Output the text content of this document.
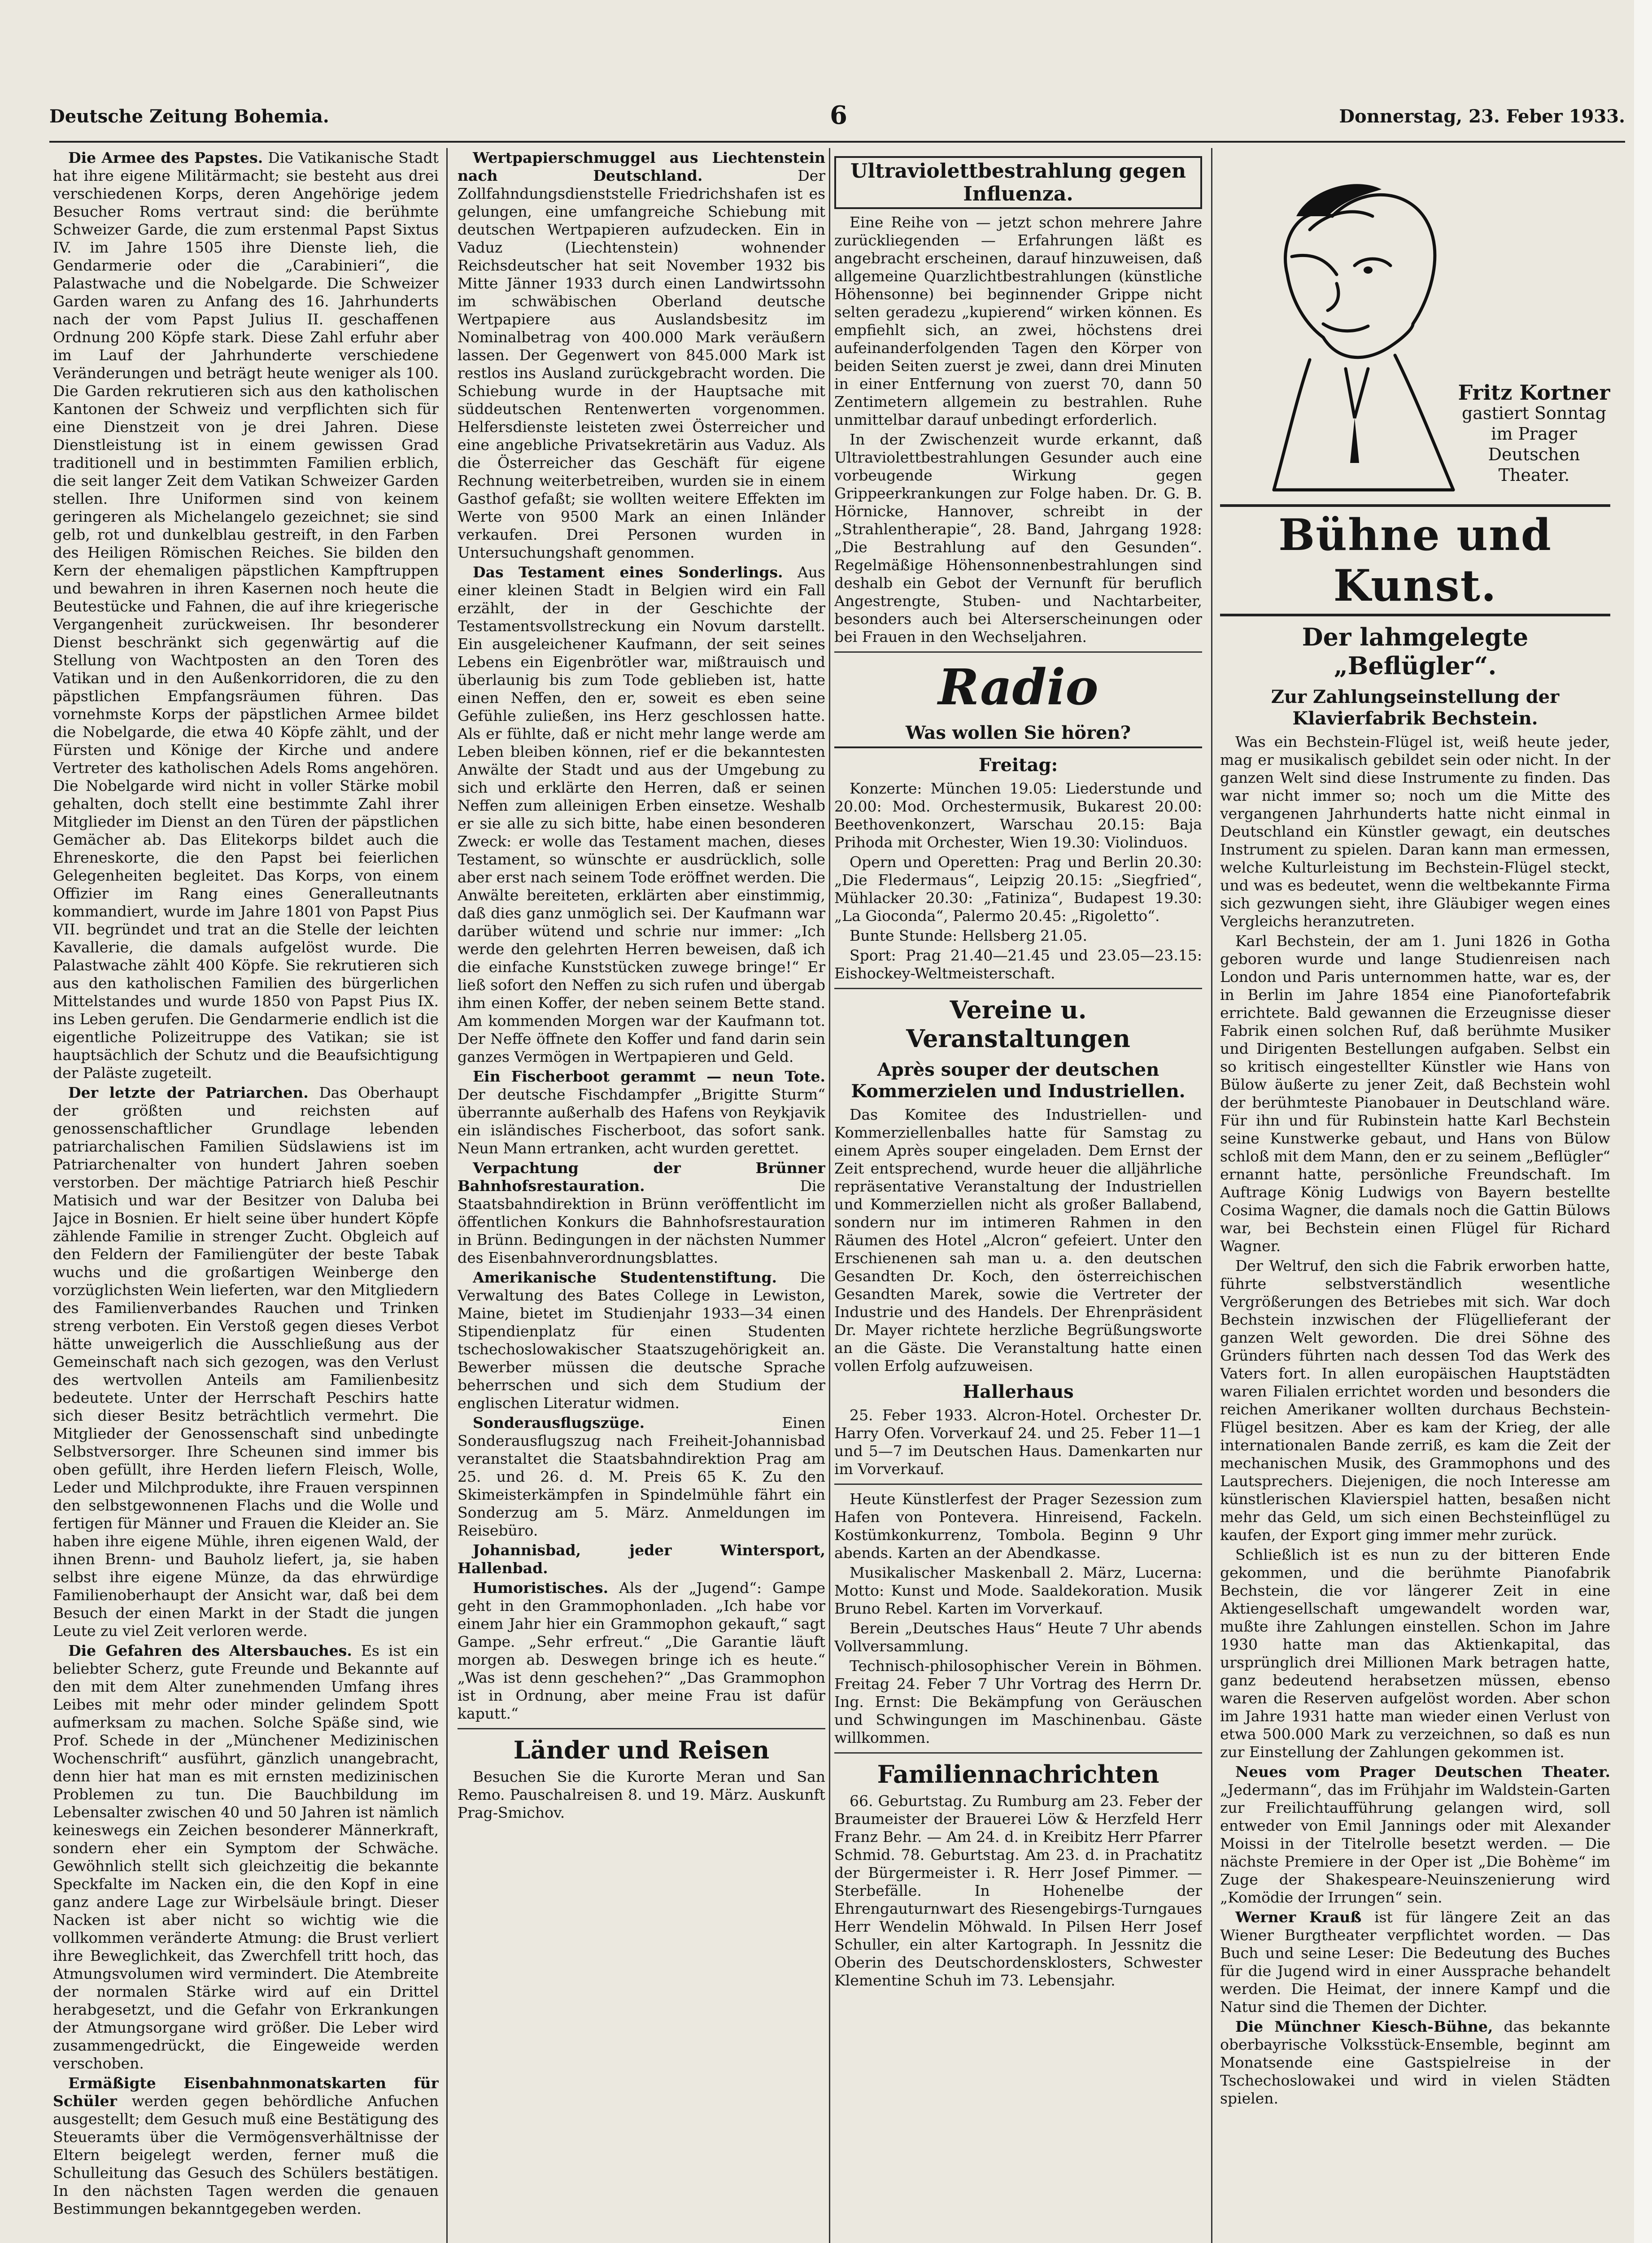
Deutsche Zeitung Bohemia.	6	Donnerstag, 23. Feber 1933.

Die Armee des Papstes. Die Vatikanische Stadt hat ihre eigene Militärmacht; sie besteht aus drei verschiedenen Korps, deren Angehörige jedem Besucher Roms vertraut sind: die berühmte Schweizer Garde, die zum erstenmal Papst Sixtus IV. im Jahre 1505 ihre Dienste lieh, die Gendarmerie oder die „Carabinieri“, die Palastwache und die Nobelgarde. Die Schweizer Garden waren zu Anfang des 16. Jahrhunderts nach der vom Papst Julius II. geschaffenen Ordnung 200 Köpfe stark. Diese Zahl erfuhr aber im Lauf der Jahrhunderte verschiedene Veränderungen und beträgt heute weniger als 100. Die Garden rekrutieren sich aus den katholischen Kantonen der Schweiz und verpflichten sich für eine Dienstzeit von je drei Jahren. Diese Dienstleistung ist in einem gewissen Grad traditionell und in bestimmten Familien erblich, die seit langer Zeit dem Vatikan Schweizer Garden stellen. Ihre Uniformen sind von keinem geringeren als Michelangelo gezeichnet; sie sind gelb, rot und dunkelblau gestreift, in den Farben des Heiligen Römischen Reiches. Sie bilden den Kern der ehemaligen päpstlichen Kampftruppen und bewahren in ihren Kasernen noch heute die Beutestücke und Fahnen, die auf ihre kriegerische Vergangenheit zurückweisen. Ihr besonderer Dienst beschränkt sich gegenwärtig auf die Stellung von Wachtposten an den Toren des Vatikan und in den Außenkorridoren, die zu den päpstlichen Empfangsräumen führen. Das vornehmste Korps der päpstlichen Armee bildet die Nobelgarde, die etwa 40 Köpfe zählt, und der Fürsten und Könige der Kirche und andere Vertreter des katholischen Adels Roms angehören. Die Nobelgarde wird nicht in voller Stärke mobil gehalten, doch stellt eine bestimmte Zahl ihrer Mitglieder im Dienst an den Türen der päpstlichen Gemächer ab. Das Elitekorps bildet auch die Ehreneskorte, die den Papst bei feierlichen Gelegenheiten begleitet. Das Korps, von einem Offizier im Rang eines Generalleutnants kommandiert, wurde im Jahre 1801 von Papst Pius VII. begründet und trat an die Stelle der leichten Kavallerie, die damals aufgelöst wurde. Die Palastwache zählt 400 Köpfe. Sie rekrutieren sich aus den katholischen Familien des bürgerlichen Mittelstandes und wurde 1850 von Papst Pius IX. ins Leben gerufen. Die Gendarmerie endlich ist die eigentliche Polizeitruppe des Vatikan; sie ist hauptsächlich der Schutz und die Beaufsichtigung der Paläste zugeteilt.

Der letzte der Patriarchen. Das Oberhaupt der größten und reichsten auf genossenschaftlicher Grundlage lebenden patriarchalischen Familien Südslawiens ist im Patriarchenalter von hundert Jahren soeben verstorben. Der mächtige Patriarch hieß Peschir Matisich und war der Besitzer von Daluba bei Jajce in Bosnien. Er hielt seine über hundert Köpfe zählende Familie in strenger Zucht. Obgleich auf den Feldern der Familiengüter der beste Tabak wuchs und die großartigen Weinberge den vorzüglichsten Wein lieferten, war den Mitgliedern des Familienverbandes Rauchen und Trinken streng verboten. Ein Verstoß gegen dieses Verbot hätte unweigerlich die Ausschließung aus der Gemeinschaft nach sich gezogen, was den Verlust des wertvollen Anteils am Familienbesitz bedeutete. Unter der Herrschaft Peschirs hatte sich dieser Besitz beträchtlich vermehrt. Die Mitglieder der Genossenschaft sind unbedingte Selbstversorger. Ihre Scheunen sind immer bis oben gefüllt, ihre Herden liefern Fleisch, Wolle, Leder und Milchprodukte, ihre Frauen verspinnen den selbstgewonnenen Flachs und die Wolle und fertigen für Männer und Frauen die Kleider an. Sie haben ihre eigene Mühle, ihren eigenen Wald, der ihnen Brenn- und Bauholz liefert, ja, sie haben selbst ihre eigene Münze, da das ehrwürdige Familienoberhaupt der Ansicht war, daß bei dem Besuch der einen Markt in der Stadt die jungen Leute zu viel Zeit verloren werde.

Die Gefahren des Altersbauches. Es ist ein beliebter Scherz, gute Freunde und Bekannte auf den mit dem Alter zunehmenden Umfang ihres Leibes mit mehr oder minder gelindem Spott aufmerksam zu machen. Solche Späße sind, wie Prof. Schede in der „Münchener Medizinischen Wochenschrift“ ausführt, gänzlich unangebracht, denn hier hat man es mit ernsten medizinischen Problemen zu tun. Die Bauchbildung im Lebensalter zwischen 40 und 50 Jahren ist nämlich keineswegs ein Zeichen besonderer Männerkraft, sondern eher ein Symptom der Schwäche. Gewöhnlich stellt sich gleichzeitig die bekannte Speckfalte im Nacken ein, die den Kopf in eine ganz andere Lage zur Wirbelsäule bringt. Dieser Nacken ist aber nicht so wichtig wie die vollkommen veränderte Atmung: die Brust verliert ihre Beweglichkeit, das Zwerchfell tritt hoch, das Atmungsvolumen wird vermindert. Die Atembreite der normalen Stärke wird auf ein Drittel herabgesetzt, und die Gefahr von Erkrankungen der Atmungsorgane wird größer. Die Leber wird zusammengedrückt, die Eingeweide werden verschoben.

Ermäßigte Eisenbahnmonatskarten für Schüler werden gegen behördliche Anfuchen ausgestellt; dem Gesuch muß eine Bestätigung des Steueramts über die Vermögensverhältnisse der Eltern beigelegt werden, ferner muß die Schulleitung das Gesuch des Schülers bestätigen. In den nächsten Tagen werden die genauen Bestimmungen bekanntgegeben werden.

Wertpapierschmuggel aus Liechtenstein nach Deutschland.	Der Zollfahndungsdienststelle Friedrichshafen ist es gelungen, eine umfangreiche Schiebung mit deutschen Wertpapieren aufzudecken. Ein in Vaduz (Liechtenstein) wohnender Reichsdeutscher hat seit November 1932 bis Mitte Jänner 1933 durch einen Landwirtssohn im schwäbischen Oberland deutsche Wertpapiere aus Auslandsbesitz im Nominalbetrag von 400.000 Mark veräußern lassen. Der Gegenwert von 845.000 Mark ist restlos ins Ausland zurückgebracht worden. Die Schiebung wurde in der Hauptsache mit süddeutschen Rentenwerten vorgenommen. Helfersdienste leisteten zwei Österreicher und eine angebliche Privatsekretärin aus Vaduz. Als die Österreicher das Geschäft für eigene Rechnung weiterbetreiben, wurden sie in einem Gasthof gefaßt; sie wollten weitere Effekten im Werte von 9500 Mark an einen Inländer verkaufen. Drei Personen wurden in Untersuchungshaft genommen.

Das Testament eines Sonderlings. Aus einer kleinen Stadt in Belgien wird ein Fall erzählt, der in der Geschichte der Testamentsvollstreckung ein Novum darstellt. Ein ausgeleichener Kaufmann, der seit seines Lebens ein Eigenbrötler war, mißtrauisch und überlaunig bis zum Tode geblieben ist, hatte einen Neffen, den er, soweit es eben seine Gefühle zuließen, ins Herz geschlossen hatte. Als er fühlte, daß er nicht mehr lange werde am Leben bleiben können, rief er die bekanntesten Anwälte der Stadt und aus der Umgebung zu sich und erklärte den Herren, daß er seinen Neffen zum alleinigen Erben einsetze. Weshalb er sie alle zu sich bitte, habe einen besonderen Zweck: er wolle das Testament machen, dieses Testament, so wünschte er ausdrücklich, solle aber erst nach seinem Tode eröffnet werden. Die Anwälte bereiteten, erklärten aber einstimmig, daß dies ganz unmöglich sei. Der Kaufmann war darüber wütend und schrie nur immer: „Ich werde den gelehrten Herren beweisen, daß ich die einfache Kunststücken zuwege bringe!“ Er ließ sofort den Neffen zu sich rufen und übergab ihm einen Koffer, der neben seinem Bette stand. Am kommenden Morgen war der Kaufmann tot. Der Neffe öffnete den Koffer und fand darin sein ganzes Vermögen in Wertpapieren und Geld.

Ein Fischerboot gerammt — neun Tote. Der deutsche Fischdampfer „Brigitte Sturm“ überrannte außerhalb des Hafens von Reykjavik ein isländisches Fischerboot, das sofort sank. Neun Mann ertranken, acht wurden gerettet.

Verpachtung der Brünner Bahnhofsrestauration.	Die Staatsbahndirektion in Brünn veröffentlicht im öffentlichen Konkurs die Bahnhofsrestauration in Brünn. Bedingungen in der nächsten Nummer des Eisenbahnverordnungsblattes.

Amerikanische Studentenstiftung. Die Verwaltung des Bates College in Lewiston, Maine, bietet im Studienjahr 1933—34 einen Stipendienplatz für einen Studenten tschechoslowakischer Staatszugehörigkeit an. Bewerber müssen die deutsche Sprache beherrschen und sich dem Studium der englischen Literatur widmen.

Sonderausflugszüge.	Einen Sonderausflugszug nach Freiheit-Johannisbad veranstaltet die Staatsbahndirektion Prag am 25. und 26. d. M. Preis 65 K. Zu den Skimeisterkämpfen in Spindelmühle fährt ein Sonderzug am 5. März. Anmeldungen im Reisebüro.

Johannisbad, jeder Wintersport, Hallenbad.

Humoristisches. Als der „Jugend“: Gampe geht in den Grammophonladen. „Ich habe vor einem Jahr hier ein Grammophon gekauft,“ sagt Gampe. „Sehr erfreut.“ „Die Garantie läuft morgen ab. Deswegen bringe ich es heute.“ „Was ist denn geschehen?“ „Das Grammophon ist in Ordnung, aber meine Frau ist dafür kaputt.“

Länder und Reisen

Besuchen Sie die Kurorte Meran und San Remo. Pauschalreisen 8. und 19. März. Auskunft Prag-Smichov.

Ultraviolettbestrahlung gegen Influenza.

Eine Reihe von — jetzt schon mehrere Jahre zurückliegenden — Erfahrungen läßt es angebracht erscheinen, darauf hinzuweisen, daß allgemeine Quarzlichtbestrahlungen (künstliche Höhensonne) bei beginnender Grippe nicht selten geradezu „kupierend“ wirken können. Es empfiehlt sich, an zwei, höchstens drei aufeinanderfolgenden Tagen den Körper von beiden Seiten zuerst je zwei, dann drei Minuten in einer Entfernung von zuerst 70, dann 50 Zentimetern allgemein zu bestrahlen. Ruhe unmittelbar darauf unbedingt erforderlich.

In der Zwischenzeit wurde erkannt, daß Ultraviolettbestrahlungen Gesunder auch eine vorbeugende Wirkung gegen Grippeerkrankungen zur Folge haben. Dr. G. B. Hörnicke, Hannover, schreibt in der „Strahlentherapie“, 28. Band, Jahrgang 1928: „Die Bestrahlung auf den Gesunden“. Regelmäßige Höhensonnenbestrahlungen sind deshalb ein Gebot der Vernunft für beruflich Angestrengte, Stuben- und Nachtarbeiter, besonders auch bei Alterserscheinungen oder bei Frauen in den Wechseljahren.

Radio
Was wollen Sie hören?
Freitag:

Konzerte: München 19.05: Liederstunde und 20.00: Mod. Orchestermusik, Bukarest 20.00: Beethovenkonzert, Warschau 20.15: Baja Prihoda mit Orchester, Wien 19.30: Violinduos.

Opern und Operetten: Prag und Berlin 20.30: „Die Fledermaus“, Leipzig 20.15: „Siegfried“, Mühlacker 20.30: „Fatiniza“, Budapest 19.30: „La Gioconda“, Palermo 20.45: „Rigoletto“.

Bunte Stunde: Hellsberg 21.05.

Sport: Prag 21.40—21.45 und 23.05—23.15: Eishockey-Weltmeisterschaft.

Vereine u. Veranstaltungen
Après souper der deutschen Kommerzielen und Industriellen.

Das Komitee des Industriellen- und Kommerziellenballes hatte für Samstag zu einem Après souper eingeladen. Dem Ernst der Zeit entsprechend, wurde heuer die alljährliche repräsentative Veranstaltung der Industriellen und Kommerziellen nicht als großer Ballabend, sondern nur im intimeren Rahmen in den Räumen des Hotel „Alcron“ gefeiert. Unter den Erschienenen sah man u. a. den deutschen Gesandten Dr. Koch, den österreichischen Gesandten Marek, sowie die Vertreter der Industrie und des Handels. Der Ehrenpräsident Dr. Mayer richtete herzliche Begrüßungsworte an die Gäste. Die Veranstaltung hatte einen vollen Erfolg aufzuweisen.

Hallerhaus

25. Feber 1933. Alcron-Hotel. Orchester Dr. Harry Ofen. Vorverkauf 24. und 25. Feber 11—1 und 5—7 im Deutschen Haus. Damenkarten nur im Vorverkauf.

Heute Künstlerfest der Prager Sezession zum Hafen von Pontevera. Hinreisend, Fackeln. Kostümkonkurrenz, Tombola. Beginn 9 Uhr abends. Karten an der Abendkasse.

Musikalischer Maskenball 2. März, Lucerna: Motto: Kunst und Mode. Saaldekoration. Musik Bruno Rebel. Karten im Vorverkauf.

Berein „Deutsches Haus“ Heute 7 Uhr abends Vollversammlung.

Technisch-philosophischer Verein in Böhmen. Freitag 24. Feber 7 Uhr Vortrag des Herrn Dr. Ing. Ernst: Die Bekämpfung von Geräuschen und Schwingungen im Maschinenbau. Gäste willkommen.

Familiennachrichten

66. Geburtstag. Zu Rumburg am 23. Feber der Braumeister der Brauerei Löw & Herzfeld Herr Franz Behr. — Am 24. d. in Kreibitz Herr Pfarrer Schmid. 78. Geburtstag. Am 23. d. in Prachatitz der Bürgermeister i. R. Herr Josef Pimmer. — Sterbefälle. In Hohenelbe der Ehrengauturnwart des Riesengebirgs-Turngaues Herr Wendelin Möhwald. In Pilsen Herr Josef Schuller, ein alter Kartograph. In Jessnitz die Oberin des Deutschordensklosters, Schwester Klementine Schuh im 73. Lebensjahr.

Fritz Kortner
gastiert Sonntag im Prager Deutschen Theater.
Bühne und Kunst.
Der lahmgelegte „Beflügler“.
Zur Zahlungseinstellung der Klavierfabrik Bechstein.

Was ein Bechstein-Flügel ist, weiß heute jeder, mag er musikalisch gebildet sein oder nicht. In der ganzen Welt sind diese Instrumente zu finden. Das war nicht immer so; noch um die Mitte des vergangenen Jahrhunderts hatte nicht einmal in Deutschland ein Künstler gewagt, ein deutsches Instrument zu spielen. Daran kann man ermessen, welche Kulturleistung im Bechstein-Flügel steckt, und was es bedeutet, wenn die weltbekannte Firma sich gezwungen sieht, ihre Gläubiger wegen eines Vergleichs heranzutreten.

Karl Bechstein, der am 1. Juni 1826 in Gotha geboren wurde und lange Studienreisen nach London und Paris unternommen hatte, war es, der in Berlin im Jahre 1854 eine Pianofortefabrik errichtete. Bald gewannen die Erzeugnisse dieser Fabrik einen solchen Ruf, daß berühmte Musiker und Dirigenten Bestellungen aufgaben. Selbst ein so kritisch eingestellter Künstler wie Hans von Bülow äußerte zu jener Zeit, daß Bechstein wohl der berühmteste Pianobauer in Deutschland wäre. Für ihn und für Rubinstein hatte Karl Bechstein seine Kunstwerke gebaut, und Hans von Bülow schloß mit dem Mann, den er zu seinem „Beflügler“ ernannt hatte, persönliche Freundschaft. Im Auftrage König Ludwigs von Bayern bestellte Cosima Wagner, die damals noch die Gattin Bülows war, bei Bechstein einen Flügel für Richard Wagner.

Der Weltruf, den sich die Fabrik erworben hatte, führte selbstverständlich wesentliche Vergrößerungen des Betriebes mit sich. War doch Bechstein inzwischen der Flügellieferant der ganzen Welt geworden. Die drei Söhne des Gründers führten nach dessen Tod das Werk des Vaters fort. In allen europäischen Hauptstädten waren Filialen errichtet worden und besonders die reichen Amerikaner wollten durchaus Bechstein-Flügel besitzen. Aber es kam der Krieg, der alle internationalen Bande zerriß, es kam die Zeit der mechanischen Musik, des Grammophons und des Lautsprechers. Diejenigen, die noch Interesse am künstlerischen Klavierspiel hatten, besaßen nicht mehr das Geld, um sich einen Bechsteinflügel zu kaufen, der Export ging immer mehr zurück.

Schließlich ist es nun zu der bitteren Ende gekommen, und die berühmte Pianofabrik Bechstein, die vor längerer Zeit in eine Aktiengesellschaft umgewandelt worden war, mußte ihre Zahlungen einstellen. Schon im Jahre 1930 hatte man das Aktienkapital, das ursprünglich drei Millionen Mark betragen hatte, ganz bedeutend herabsetzen müssen, ebenso waren die Reserven aufgelöst worden. Aber schon im Jahre 1931 hatte man wieder einen Verlust von etwa 500.000 Mark zu verzeichnen, so daß es nun zur Einstellung der Zahlungen gekommen ist.

Neues vom Prager Deutschen Theater. „Jedermann“, das im Frühjahr im Waldstein-Garten zur Freilichtaufführung gelangen wird, soll entweder von Emil Jannings oder mit Alexander Moissi in der Titelrolle besetzt werden. — Die nächste Premiere in der Oper ist „Die Bohème“ im Zuge der Shakespeare-Neuinszenierung wird „Komödie der Irrungen“ sein.

Werner Krauß ist für längere Zeit an das Wiener Burgtheater verpflichtet worden. — Das Buch und seine Leser: Die Bedeutung des Buches für die Jugend wird in einer Aussprache behandelt werden. Die Heimat, der innere Kampf und die Natur sind die Themen der Dichter.

Die Münchner Kiesch-Bühne, das bekannte oberbayrische Volksstück-Ensemble, beginnt am Monatsende eine Gastspielreise in der Tschechoslowakei und wird in vielen Städten spielen.
